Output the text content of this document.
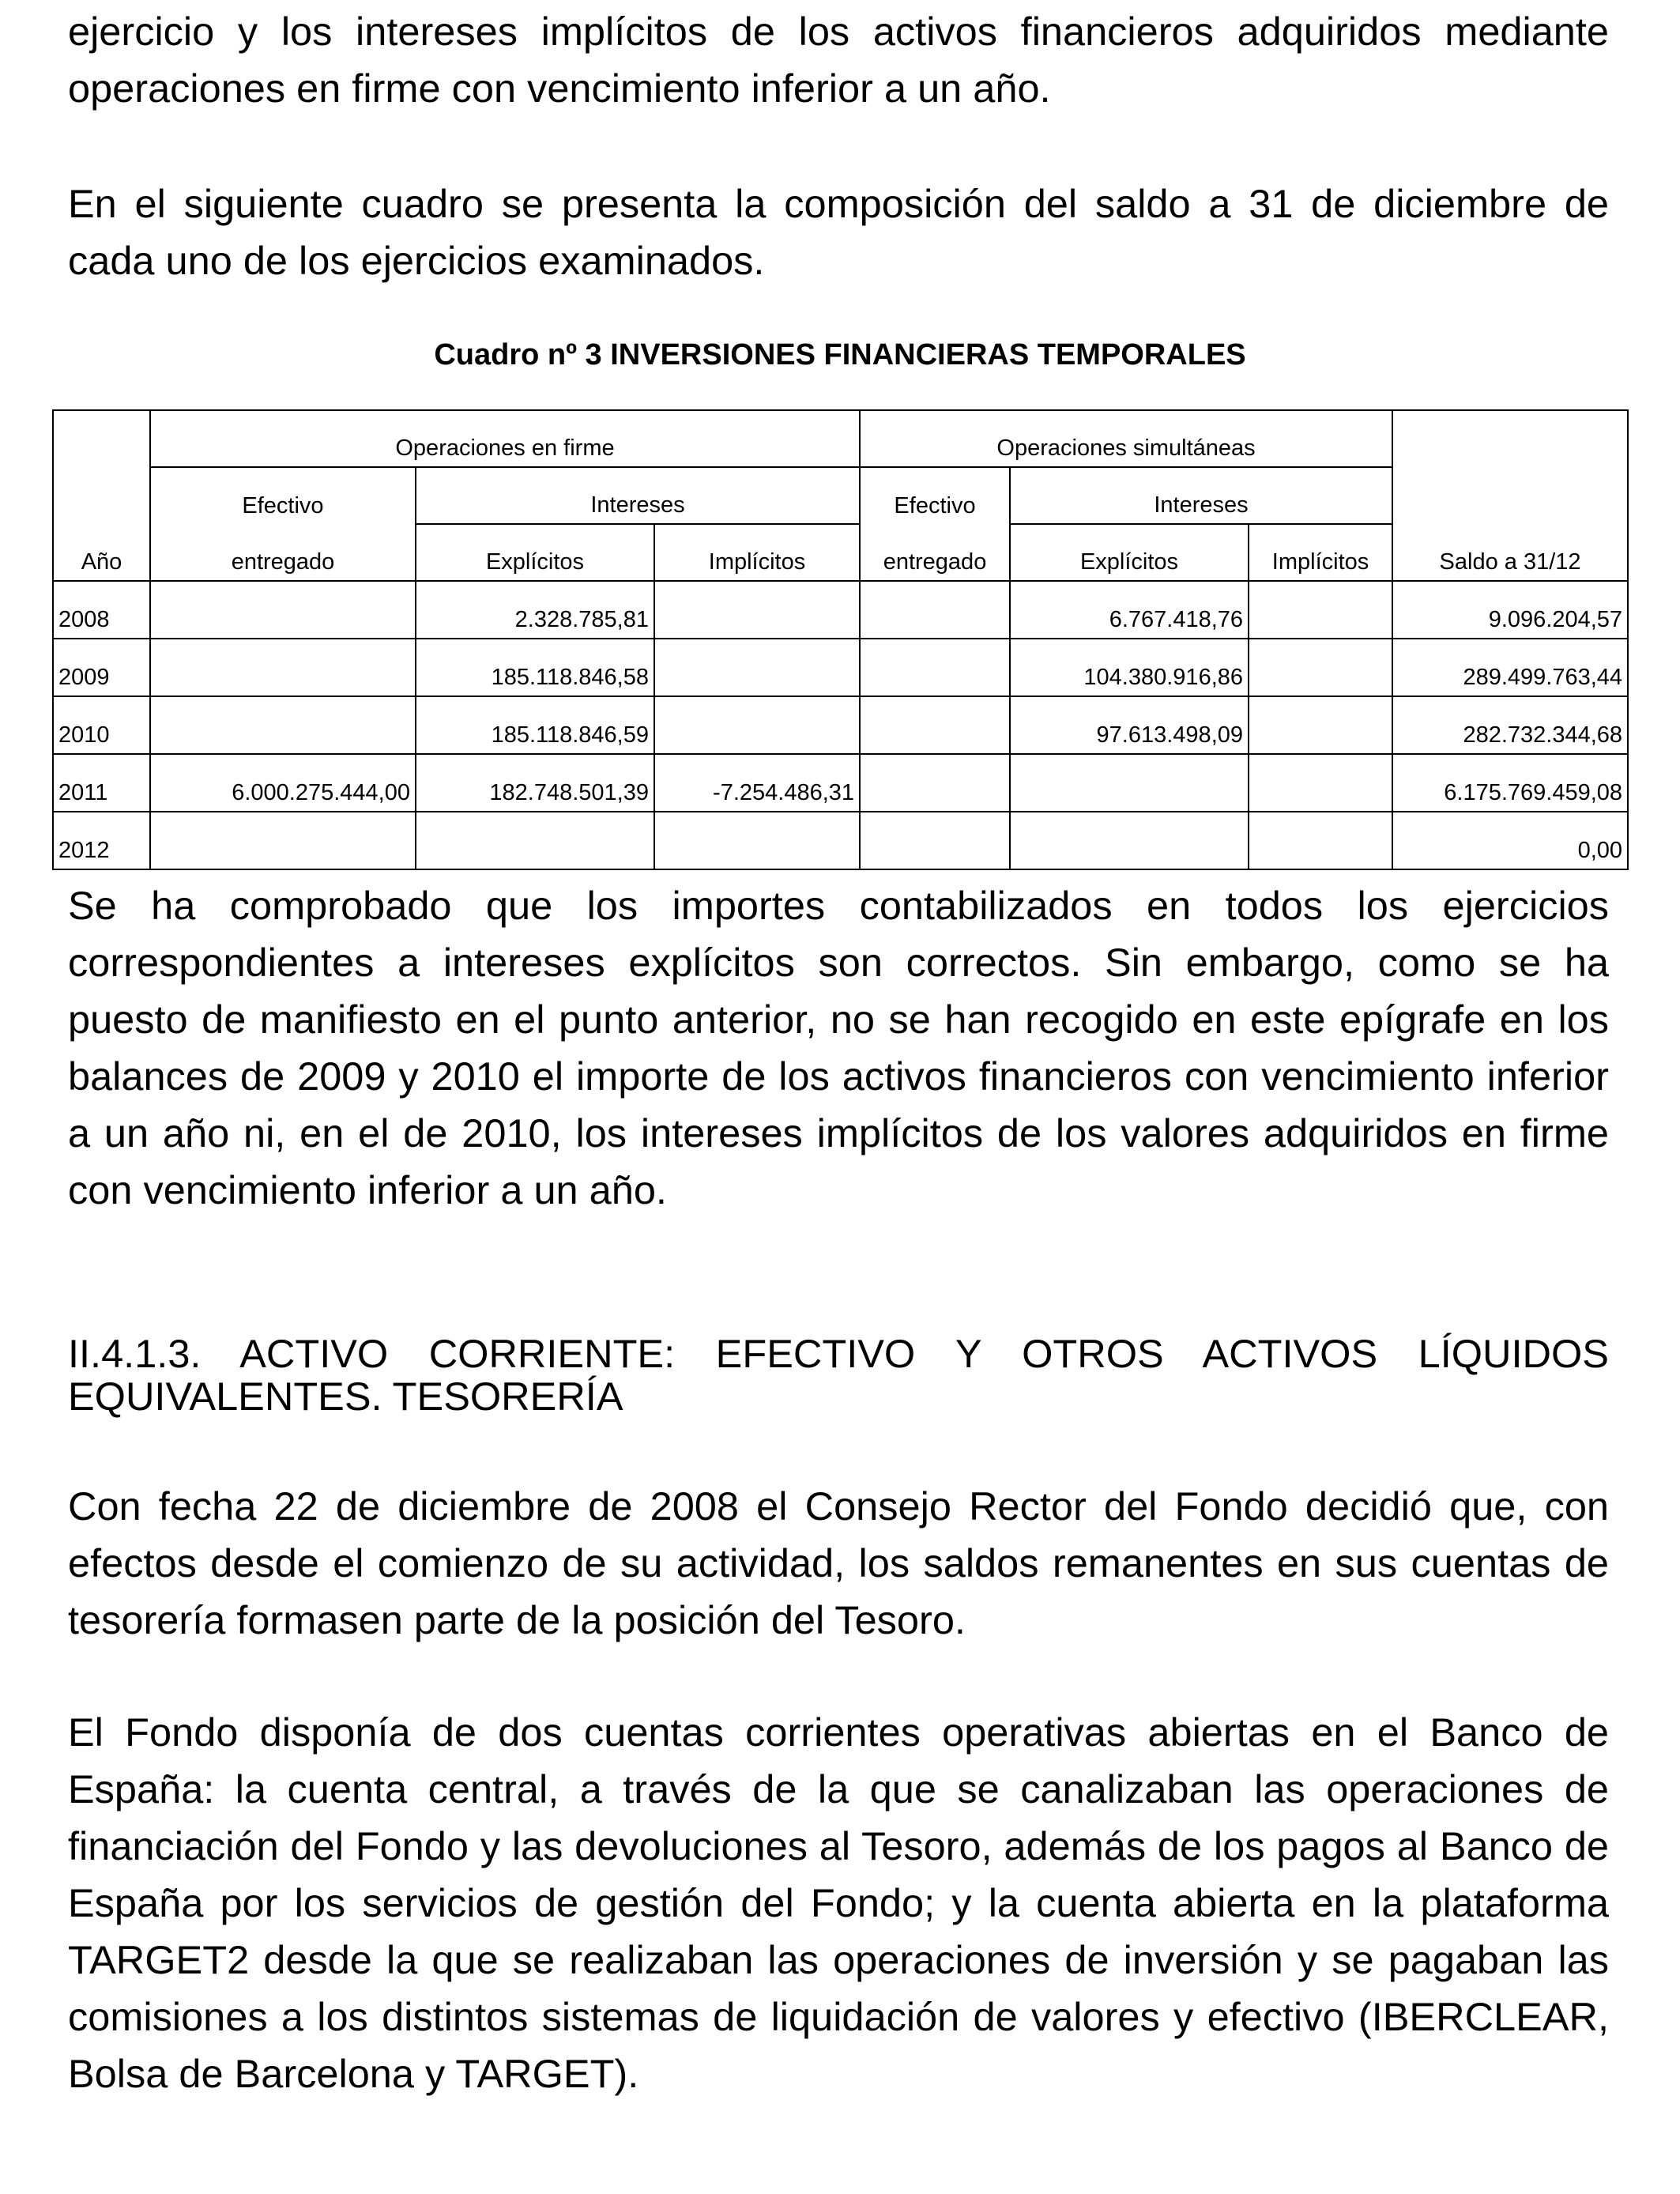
ejercicio y los intereses implícitos de los activos financieros adquiridos mediante operaciones en firme con vencimiento inferior a un año.

En el siguiente cuadro se presenta la composición del saldo a 31 de diciembre de cada uno de los ejercicios examinados.

Cuadro nº 3 INVERSIONES FINANCIERAS TEMPORALES
	Operaciones en firme			Operaciones simultáneas			
	Efectivo	Intereses		Efectivo	Intereses		
Año	entregado	Explícitos	Implícitos	entregado	Explícitos	Implícitos	Saldo a 31/12
2008		2.328.785,81			6.767.418,76		9.096.204,57
2009		185.118.846,58			104.380.916,86		289.499.763,44
2010		185.118.846,59			97.613.498,09		282.732.344,68
2011	6.000.275.444,00	182.748.501,39	-7.254.486,31				6.175.769.459,08
2012							0,00

Se ha comprobado que los importes contabilizados en todos los ejercicios correspondientes a intereses explícitos son correctos. Sin embargo, como se ha puesto de manifiesto en el punto anterior, no se han recogido en este epígrafe en los balances de 2009 y 2010 el importe de los activos financieros con vencimiento inferior a un año ni, en el de 2010, los intereses implícitos de los valores adquiridos en firme con vencimiento inferior a un año.

II.4.1.3. ACTIVO CORRIENTE: EFECTIVO Y OTROS ACTIVOS LÍQUIDOS EQUIVALENTES. TESORERÍA

Con fecha 22 de diciembre de 2008 el Consejo Rector del Fondo decidió que, con efectos desde el comienzo de su actividad, los saldos remanentes en sus cuentas de tesorería formasen parte de la posición del Tesoro.

El Fondo disponía de dos cuentas corrientes operativas abiertas en el Banco de España: la cuenta central, a través de la que se canalizaban las operaciones de financiación del Fondo y las devoluciones al Tesoro, además de los pagos al Banco de España por los servicios de gestión del Fondo; y la cuenta abierta en la plataforma TARGET2 desde la que se realizaban las operaciones de inversión y se pagaban las comisiones a los distintos sistemas de liquidación de valores y efectivo (IBERCLEAR, Bolsa de Barcelona y TARGET).
